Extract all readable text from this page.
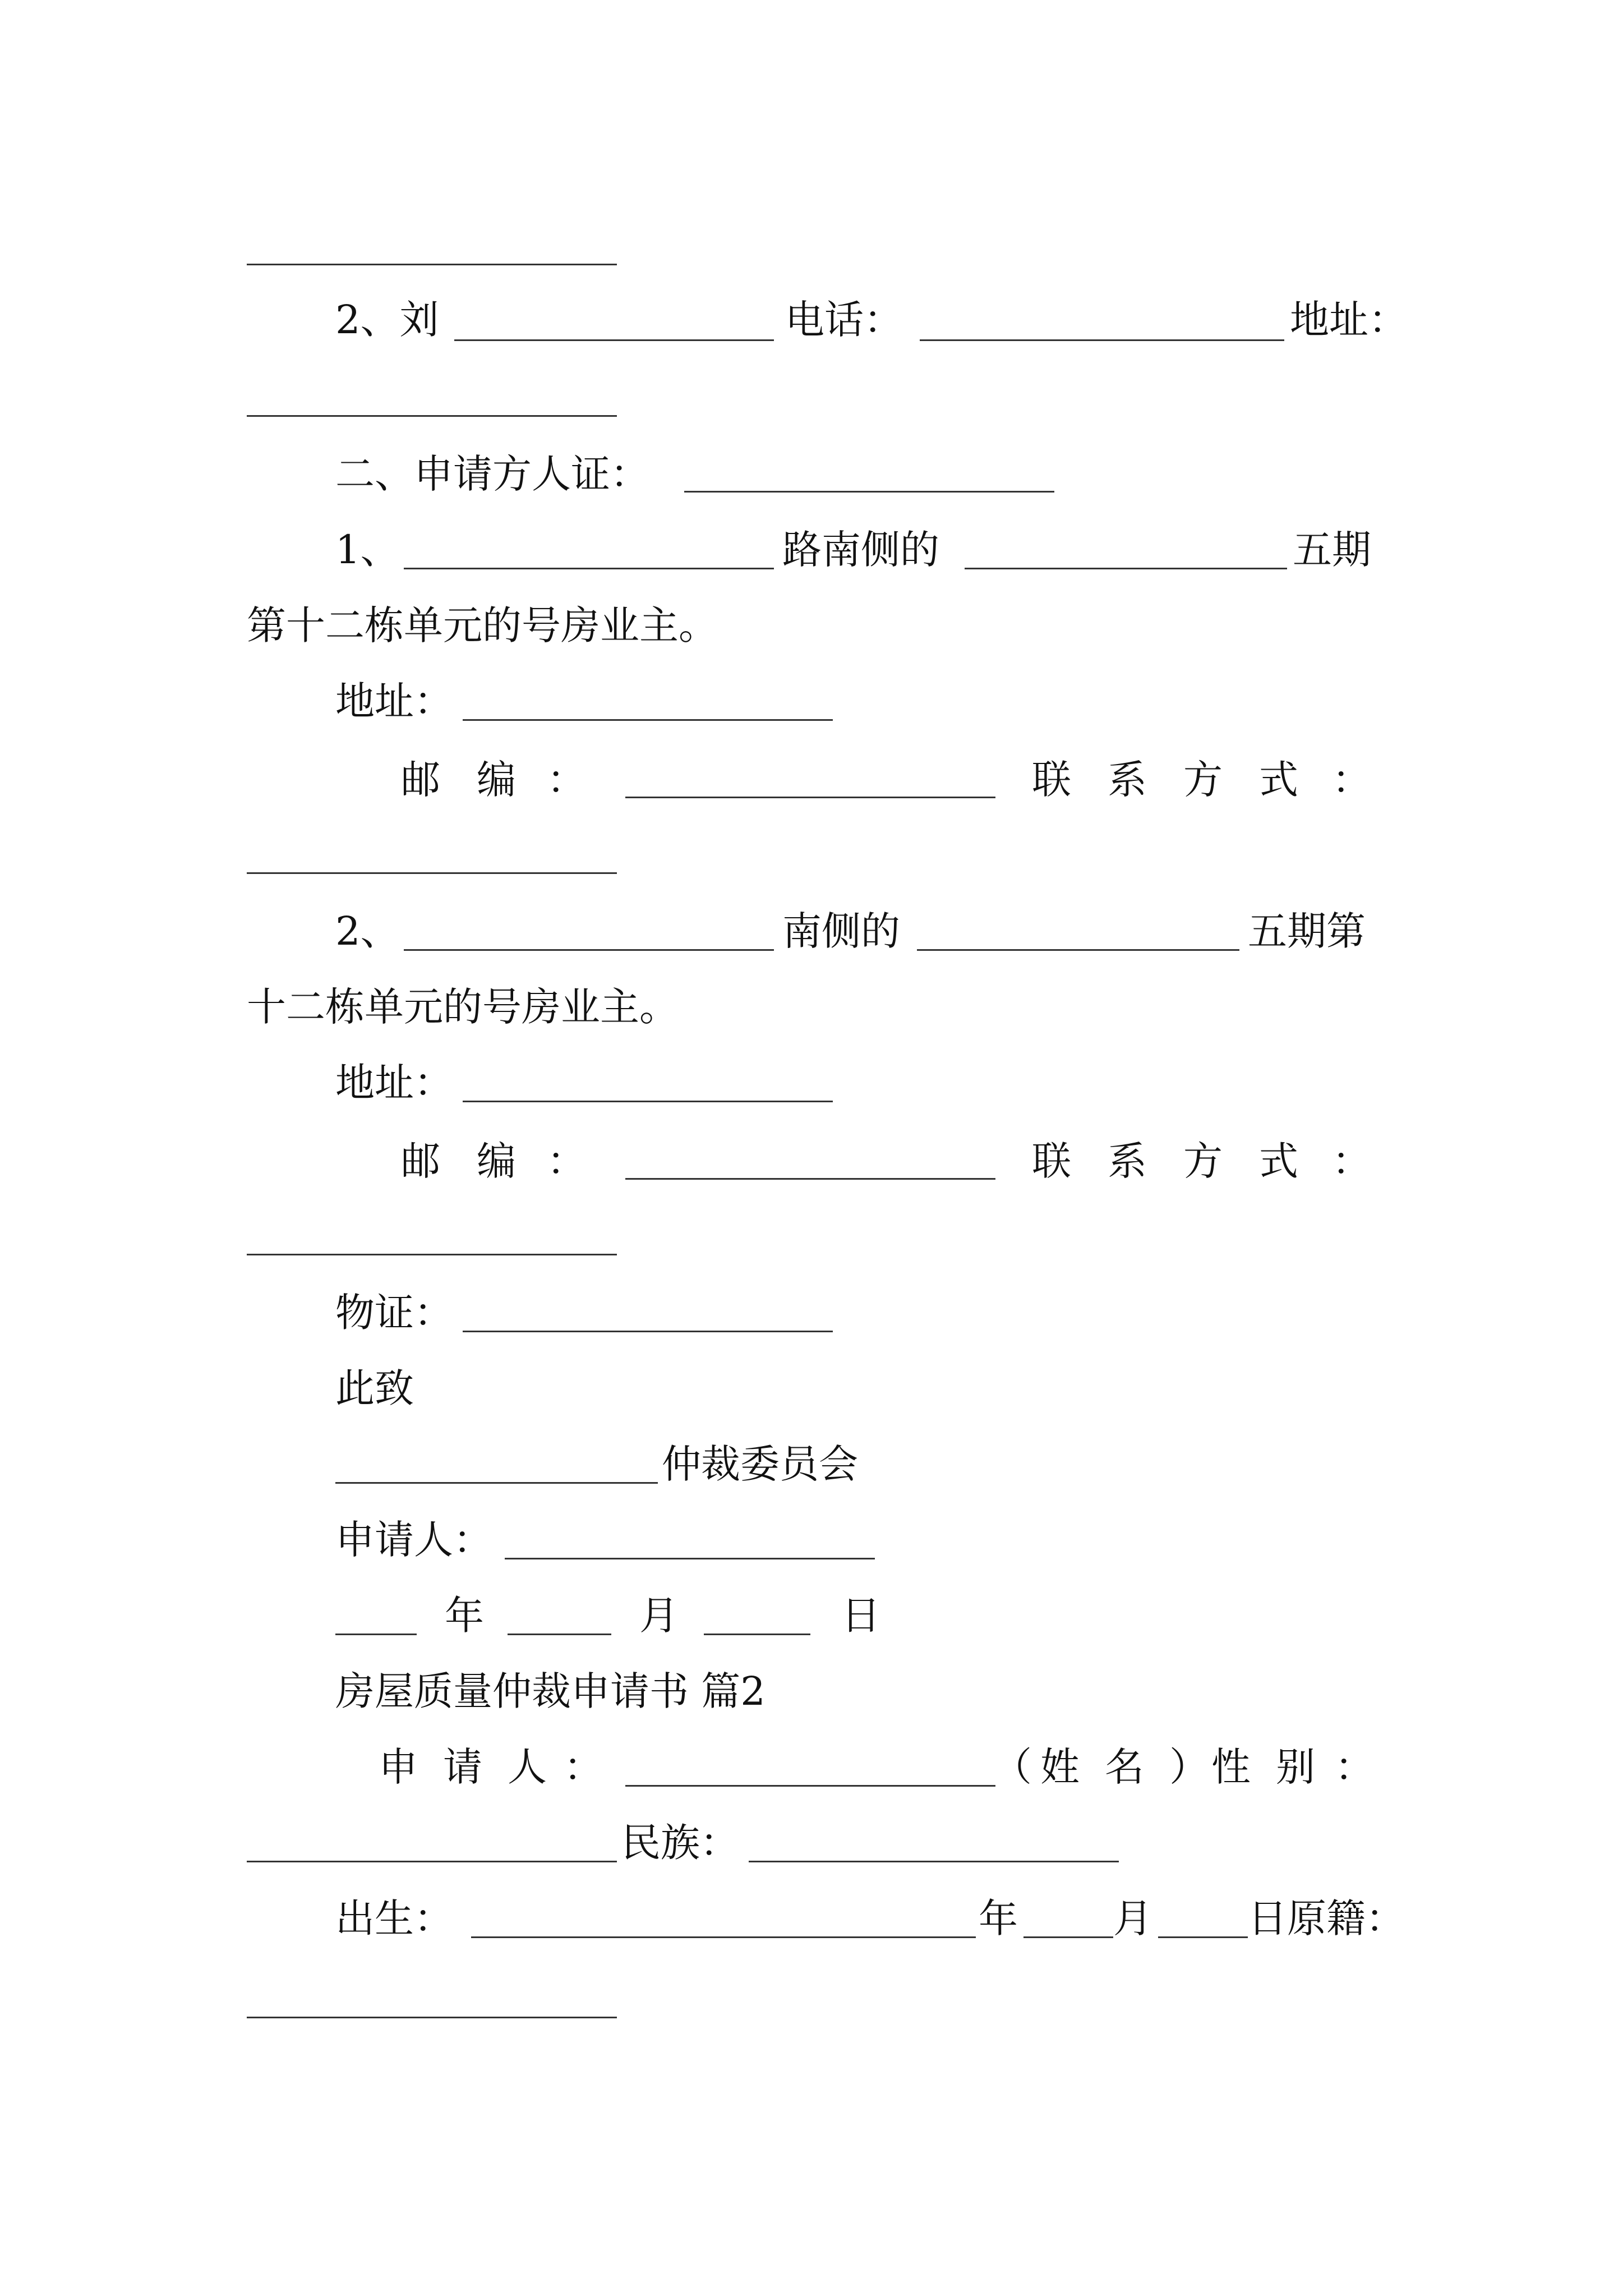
2、刘	电话：	地址：
二、申请方人证：
1、	路南侧的	五期
第十二栋单元的号房业主。
地址：
邮 编 ：	联 系 方 式 ：
2、	南侧的	五期第
十二栋单元的号房业主。
地址：
邮 编 ：	联 系 方 式 ：
物证：
此致
仲裁委员会
申请人：
年	月	日
房屋质量仲裁申请书 篇2
申 请 人 ：	（ 姓 名 ） 性 别 ：
民族：
出生：	年 月 日原籍：
